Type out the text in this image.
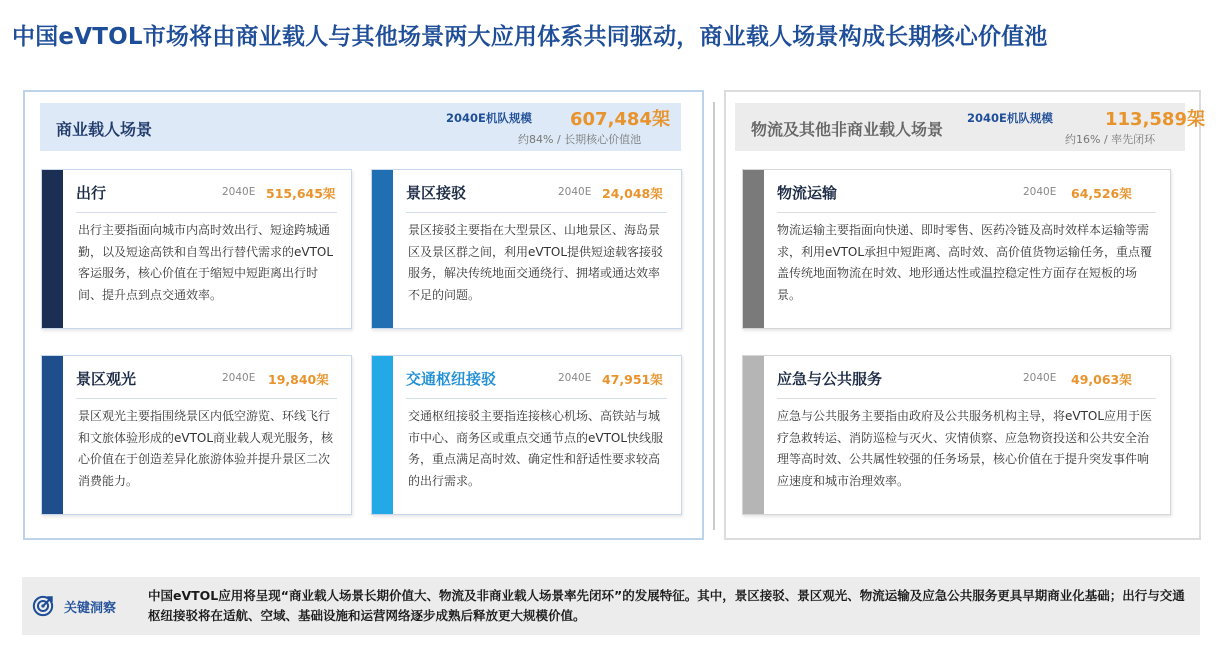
中国eVTOL市场将由商业载人与其他场景两大应用体系共同驱动，商业载人场景构成长期核心价值池
商业载人场景
2040E机队规模 607,484架
约84% / 长期核心价值池
出行	2040E 515,645架
出行主要指面向城市内高时效出行、短途跨城通勤，以及短途高铁和自驾出行替代需求的eVTOL客运服务，核心价值在于缩短中短距离出行时间、提升点到点交通效率。
景区接驳	2040E 24,048架
景区接驳主要指在大型景区、山地景区、海岛景区及景区群之间，利用eVTOL提供短途载客接驳服务，解决传统地面交通绕行、拥堵或通达效率不足的问题。
景区观光	2040E 19,840架
景区观光主要指围绕景区内低空游览、环线飞行和文旅体验形成的eVTOL商业载人观光服务，核心价值在于创造差异化旅游体验并提升景区二次消费能力。
交通枢纽接驳	2040E 47,951架
交通枢纽接驳主要指连接核心机场、高铁站与城市中心、商务区或重点交通节点的eVTOL快线服务，重点满足高时效、确定性和舒适性要求较高的出行需求。
物流及其他非商业载人场景
2040E机队规模	113,589架
约16% / 率先闭环
物流运输	2040E 64,526架
物流运输主要指面向快递、即时零售、医药冷链及高时效样本运输等需求，利用eVTOL承担中短距离、高时效、高价值货物运输任务，重点覆盖传统地面物流在时效、地形通达性或温控稳定性方面存在短板的场景。
应急与公共服务	2040E 49,063架
应急与公共服务主要指由政府及公共服务机构主导，将eVTOL应用于医疗急救转运、消防巡检与灭火、灾情侦察、应急物资投送和公共安全治理等高时效、公共属性较强的任务场景，核心价值在于提升突发事件响应速度和城市治理效率。
关键洞察
中国eVTOL应用将呈现“商业载人场景长期价值大、物流及非商业载人场景率先闭环”的发展特征。其中，景区接驳、景区观光、物流运输及应急公共服务更具早期商业化基础；出行与交通枢纽接驳将在适航、空域、基础设施和运营网络逐步成熟后释放更大规模价值。
